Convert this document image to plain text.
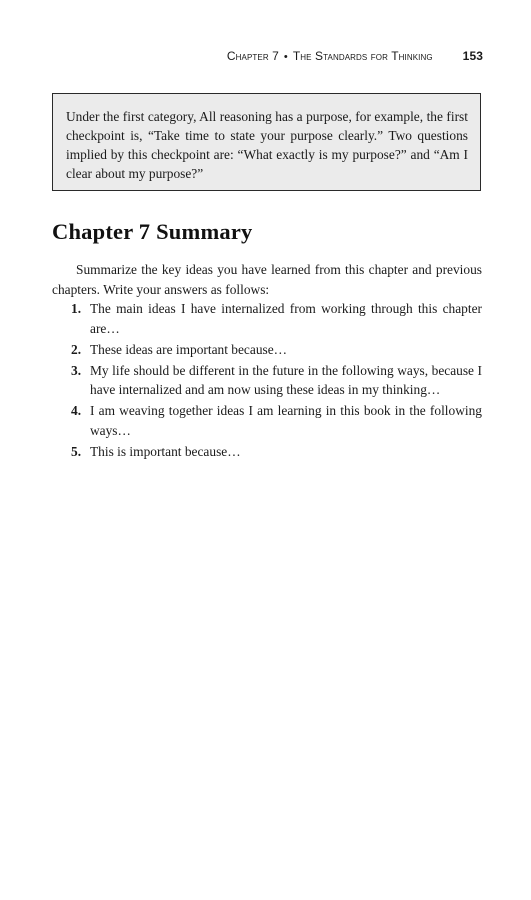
Chapter 7 • The Standards for Thinking	153

Under the first category, All reasoning has a purpose, for example, the first checkpoint is, “Take time to state your purpose clearly.” Two questions implied by this checkpoint are: “What exactly is my purpose?” and “Am I clear about my purpose?”

Chapter 7 Summary

Summarize the key ideas you have learned from this chapter and previous chapters. Write your answers as follows:

1. The main ideas I have internalized from working through this chapter are…
2. These ideas are important because…
3. My life should be different in the future in the following ways, because I have internalized and am now using these ideas in my thinking…
4. I am weaving together ideas I am learning in this book in the following ways…
5. This is important because…
